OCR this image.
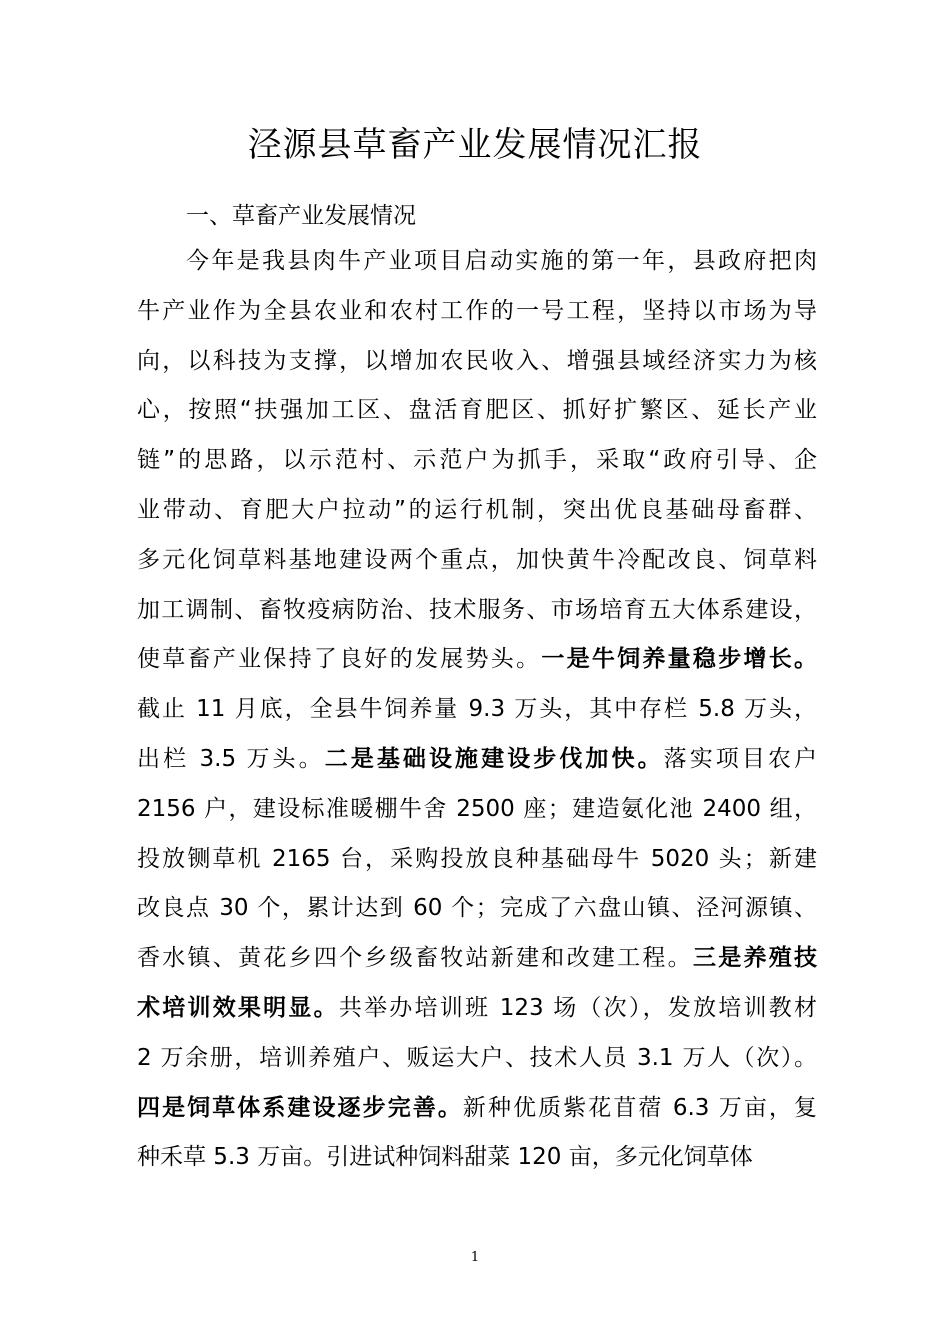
泾源县草畜产业发展情况汇报
一、草畜产业发展情况
今年是我县肉牛产业项目启动实施的第一年，县政府把肉
牛产业作为全县农业和农村工作的一号工程，坚持以市场为导
向，以科技为支撑，以增加农民收入、增强县域经济实力为核
心，按照“扶强加工区、盘活育肥区、抓好扩繁区、延长产业
链”的思路，以示范村、示范户为抓手，采取“政府引导、企
业带动、育肥大户拉动”的运行机制，突出优良基础母畜群、
多元化饲草料基地建设两个重点，加快黄牛冷配改良、饲草料
加工调制、畜牧疫病防治、技术服务、市场培育五大体系建设，
使草畜产业保持了良好的发展势头。一是牛饲养量稳步增长。
截止 11 月底，全县牛饲养量 9.3 万头，其中存栏 5.8 万头，
出栏 3.5 万头。二是基础设施建设步伐加快。落实项目农户
2156 户，建设标准暖棚牛舍 2500 座；建造氨化池 2400 组，
投放铡草机 2165 台，采购投放良种基础母牛 5020 头；新建
改良点 30 个，累计达到 60 个；完成了六盘山镇、泾河源镇、
香水镇、黄花乡四个乡级畜牧站新建和改建工程。三是养殖技
术培训效果明显。共举办培训班 123 场（次），发放培训教材
2 万余册，培训养殖户、贩运大户、技术人员 3.1 万人（次）。
四是饲草体系建设逐步完善。新种优质紫花苜蓿 6.3 万亩，复
种禾草 5.3 万亩。引进试种饲料甜菜 120 亩，多元化饲草体
1
